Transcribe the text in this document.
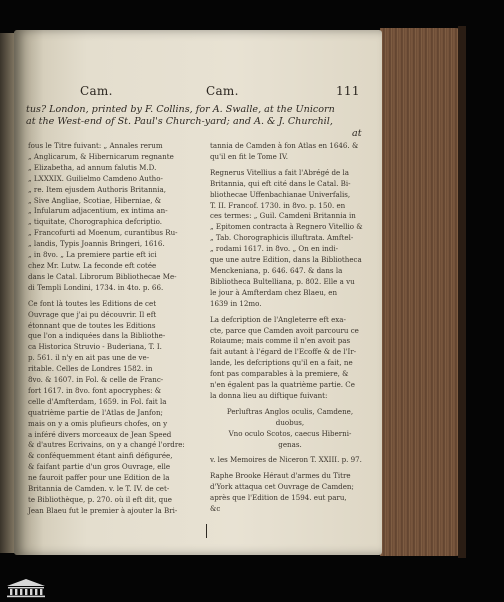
Cam.	Cam.	111
tus? London, printed by F. Collins, for A. Swalle, at the Unicorn
at the West-end of St. Paul's Church-yard; and A. & J. Churchil,
at
fous le Titre fuivant: „ Annales rerum
„ Anglicarum, & Hibernicarum regnante
„ Elizabetha, ad annum falutis M.D.
„ LXXXIX. Guilielmo Camdeno Autho-
„ re. Item ejusdem Authoris Britannia,
„ Sive Angliae, Scotiae, Hiberniae, &
„ Infularum adjacentium, ex intima an-
„ tiquitate, Chorographica defcriptio.
„ Francofurti ad Moenum, curantibus Ru-
„ landis, Typis Joannis Bringeri, 1616.
„ in 8vo. „ La premiere partie eft ici
chez Mr. Lutw. La feconde eft cotée
dans le Catal. Librorum Bibliothecae Me-
di Templi Londini, 1734. in 4to. p. 66.
Ce font là toutes les Editions de cet
Ouvrage que j'ai pu découvrir. Il eft
étonnant que de toutes les Editions
que l'on a indiquées dans la Bibliothe-
ca Historica Struvio - Buderiana, T. I.
p. 561. il n'y en ait pas une de ve-
ritable. Celles de Londres 1582. in
8vo. & 1607. in Fol. & celle de Franc-
fort 1617. in 8vo. font apocryphes: &
celle d'Amfterdam, 1659. in Fol. fait la
quatrième partie de l'Atlas de Janfon;
mais on y a omis plufieurs chofes, on y
a inféré divers morceaux de Jean Speed
& d'autres Ecrivains, on y a changé l'ordre:
& conféquemment étant ainfi défigurée,
& faifant partie d'un gros Ouvrage, elle
ne fauroit paffer pour une Edition de la
Britannia de Camden. v. le T. IV. de cet-
te Bibliothèque, p. 270. où il eft dit, que
Jean Blaeu fut le premier à ajouter la Bri-
tannia de Camden à fon Atlas en 1646. &
qu'il en fit le Tome IV.
Regnerus Vitellius a fait l'Abrégé de la
Britannia, qui eft cité dans le Catal. Bi-
bliothecae Uffenbachianae Univerfalis,
T. II. Francof. 1730. in 8vo. p. 150. en
ces termes: „ Guil. Camdeni Britannia in
„ Epitomen contracta à Regnero Vitellio &
„ Tab. Chorographicis illuftrata. Amftel-
„ rodami 1617. in 8vo. „ On en indi-
que une autre Edition, dans la Bibliotheca
Menckeniana, p. 646. 647. & dans la
Bibliotheca Bultelliana, p. 802. Elle a vu
le jour à Amfterdam chez Blaeu, en
1639 in 12mo.
La defcription de l'Angleterre eft exa-
cte, parce que Camden avoit parcouru ce
Roiaume; mais comme il n'en avoit pas
fait autant à l'égard de l'Ecoffe & de l'Ir-
lande, les defcriptions qu'il en a fait, ne
font pas comparables à la premiere, &
n'en égalent pas la quatrième partie. Ce
la donna lieu au diftique fuivant:
Perluftras Anglos oculis, Camdene,
duobus,
Vno oculo Scotos, caecus Hiberni-
genas.
v. les Memoires de Niceron T. XXIII. p. 97.
Raphe Brooke Héraut d'armes du Titre
d'York attaqua cet Ouvrage de Camden;
après que l'Edition de 1594. eut paru,
&c
